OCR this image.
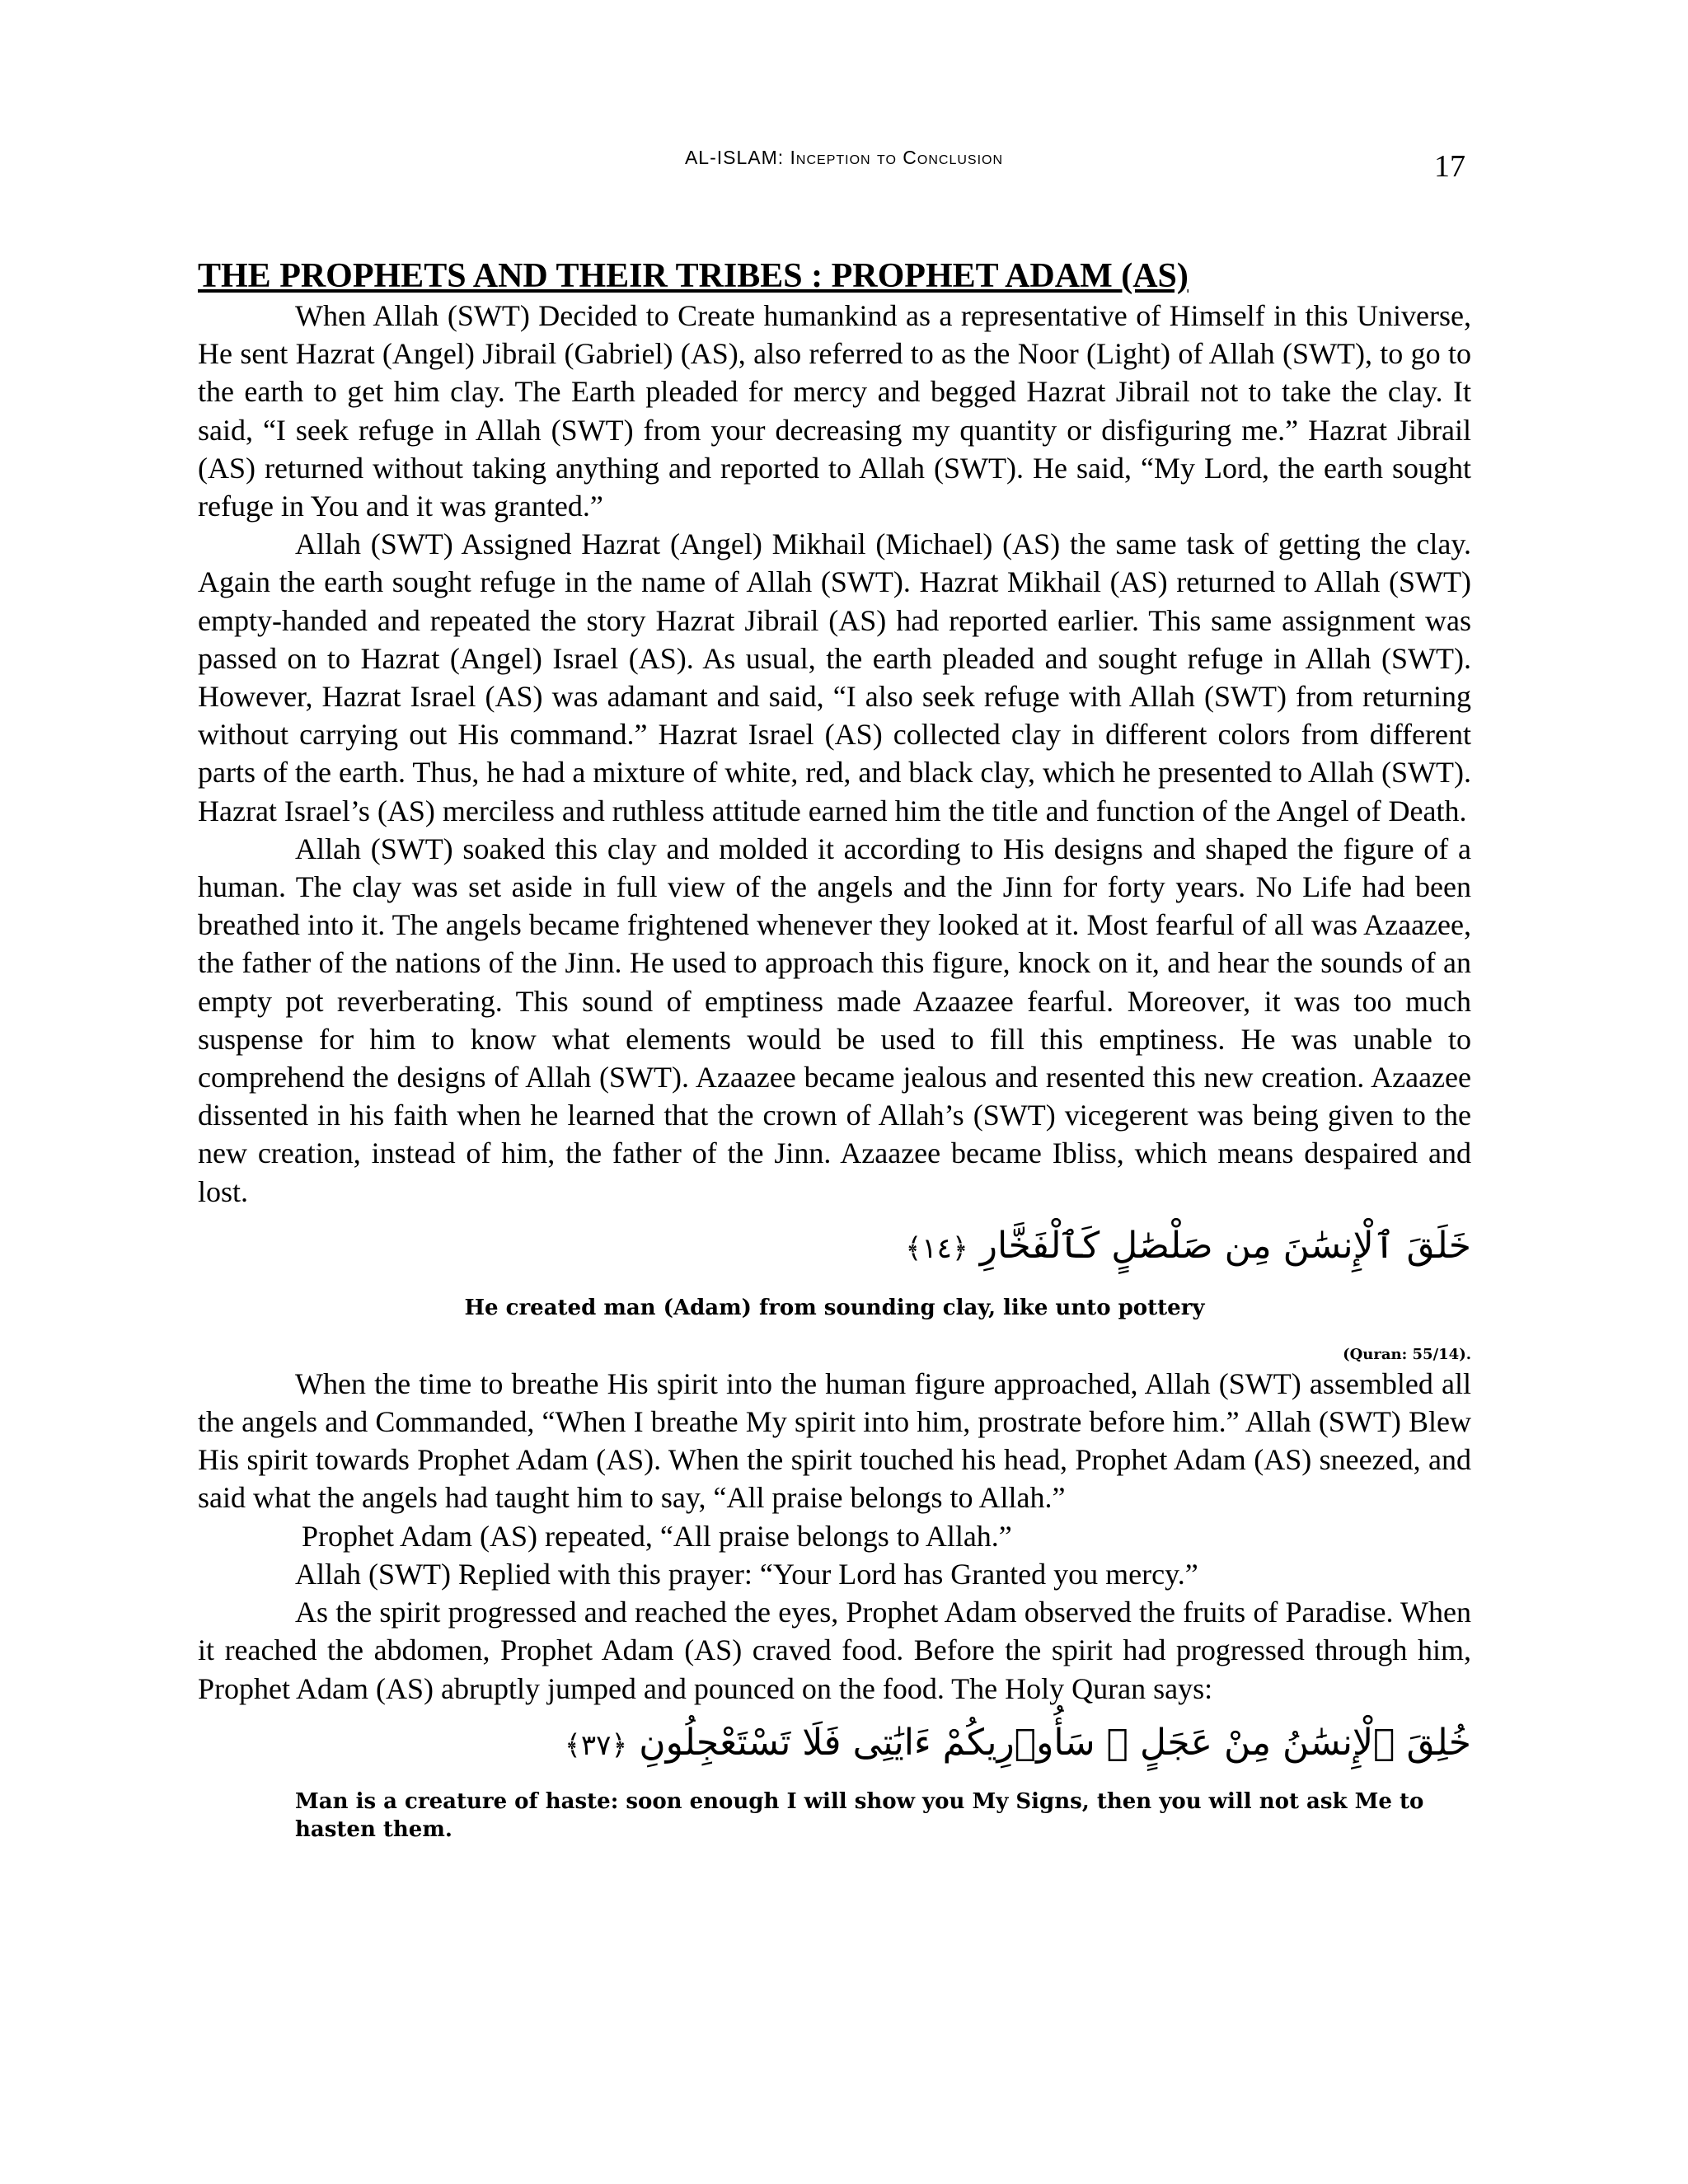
AL-ISLAM: Inception to Conclusion	17
THE PROPHETS AND THEIR TRIBES : PROPHET ADAM (AS)

When Allah (SWT) Decided to Create humankind as a representative of Himself in this Universe, He sent Hazrat (Angel) Jibrail (Gabriel) (AS), also referred to as the Noor (Light) of Allah (SWT), to go to the earth to get him clay. The Earth pleaded for mercy and begged Hazrat Jibrail not to take the clay. It said, “I seek refuge in Allah (SWT) from your decreasing my quantity or disfiguring me.” Hazrat Jibrail (AS) returned without taking anything and reported to Allah (SWT). He said, “My Lord, the earth sought refuge in You and it was granted.”

Allah (SWT) Assigned Hazrat (Angel) Mikhail (Michael) (AS) the same task of getting the clay. Again the earth sought refuge in the name of Allah (SWT). Hazrat Mikhail (AS) returned to Allah (SWT) empty-handed and repeated the story Hazrat Jibrail (AS) had reported earlier. This same assignment was passed on to Hazrat (Angel) Israel (AS). As usual, the earth pleaded and sought refuge in Allah (SWT). However, Hazrat Israel (AS) was adamant and said, “I also seek refuge with Allah (SWT) from returning without carrying out His command.” Hazrat Israel (AS) collected clay in different colors from different parts of the earth. Thus, he had a mixture of white, red, and black clay, which he presented to Allah (SWT). Hazrat Israel’s (AS) merciless and ruthless attitude earned him the title and function of the Angel of Death.

Allah (SWT) soaked this clay and molded it according to His designs and shaped the figure of a human. The clay was set aside in full view of the angels and the Jinn for forty years. No Life had been breathed into it. The angels became frightened whenever they looked at it. Most fearful of all was Azaazee, the father of the nations of the Jinn. He used to approach this figure, knock on it, and hear the sounds of an empty pot reverberating. This sound of emptiness made Azaazee fearful. Moreover, it was too much suspense for him to know what elements would be used to fill this emptiness. He was unable to comprehend the designs of Allah (SWT). Azaazee became jealous and resented this new creation. Azaazee dissented in his faith when he learned that the crown of Allah’s (SWT) vicegerent was being given to the new creation, instead of him, the father of the Jinn. Azaazee became Ibliss, which means despaired and lost.

خَلَقَ ٱلْإِنسَٰنَ مِن صَلْصَٰلٍ كَٱلْفَخَّارِ ﴿١٤﴾
He created man (Adam) from sounding clay, like unto pottery
(Quran: 55/14).

When the time to breathe His spirit into the human figure approached, Allah (SWT) assembled all the angels and Commanded, “When I breathe My spirit into him, prostrate before him.” Allah (SWT) Blew His spirit towards Prophet Adam (AS). When the spirit touched his head, Prophet Adam (AS) sneezed, and said what the angels had taught him to say, “All praise belongs to Allah.”

Prophet Adam (AS) repeated, “All praise belongs to Allah.”

Allah (SWT) Replied with this prayer: “Your Lord has Granted you mercy.”

As the spirit progressed and reached the eyes, Prophet Adam observed the fruits of Paradise. When it reached the abdomen, Prophet Adam (AS) craved food. Before the spirit had progressed through him, Prophet Adam (AS) abruptly jumped and pounced on the food. The Holy Quran says:

خُلِقَ ٱلْإِنسَٰنُ مِنْ عَجَلٍ ۚ سَأُو۟رِيكُمْ ءَايَٰتِى فَلَا تَسْتَعْجِلُونِ ﴿٣٧﴾
Man is a creature of haste: soon enough I will show you My Signs, then you will not ask Me to hasten them.
